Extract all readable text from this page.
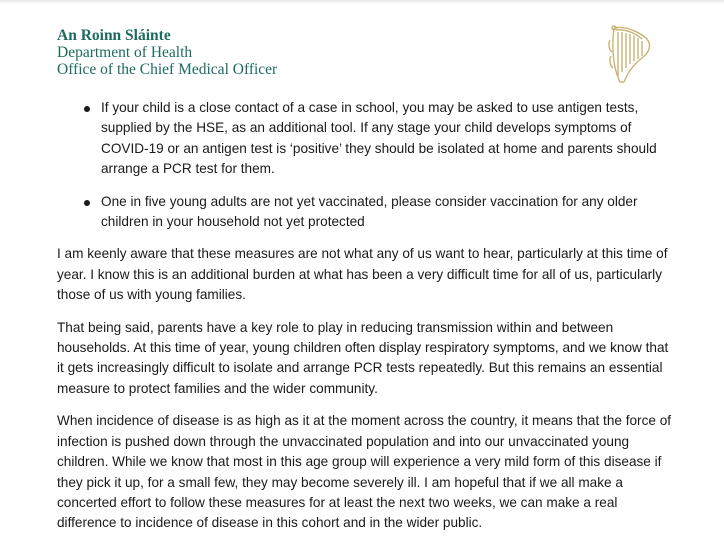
An Roinn Sláinte
Department of Health
Office of the Chief Medical Officer
If your child is a close contact of a case in school, you may be asked to use antigen tests, supplied by the HSE, as an additional tool. If any stage your child develops symptoms of COVID-19 or an antigen test is ‘positive’ they should be isolated at home and parents should arrange a PCR test for them.
One in five young adults are not yet vaccinated, please consider vaccination for any older children in your household not yet protected

I am keenly aware that these measures are not what any of us want to hear, particularly at this time of year. I know this is an additional burden at what has been a very difficult time for all of us, particularly those of us with young families.

That being said, parents have a key role to play in reducing transmission within and between households. At this time of year, young children often display respiratory symptoms, and we know that it gets increasingly difficult to isolate and arrange PCR tests repeatedly. But this remains an essential measure to protect families and the wider community.

When incidence of disease is as high as it at the moment across the country, it means that the force of infection is pushed down through the unvaccinated population and into our unvaccinated young children. While we know that most in this age group will experience a very mild form of this disease if they pick it up, for a small few, they may become severely ill. I am hopeful that if we all make a concerted effort to follow these measures for at least the next two weeks, we can make a real difference to incidence of disease in this cohort and in the wider public.
